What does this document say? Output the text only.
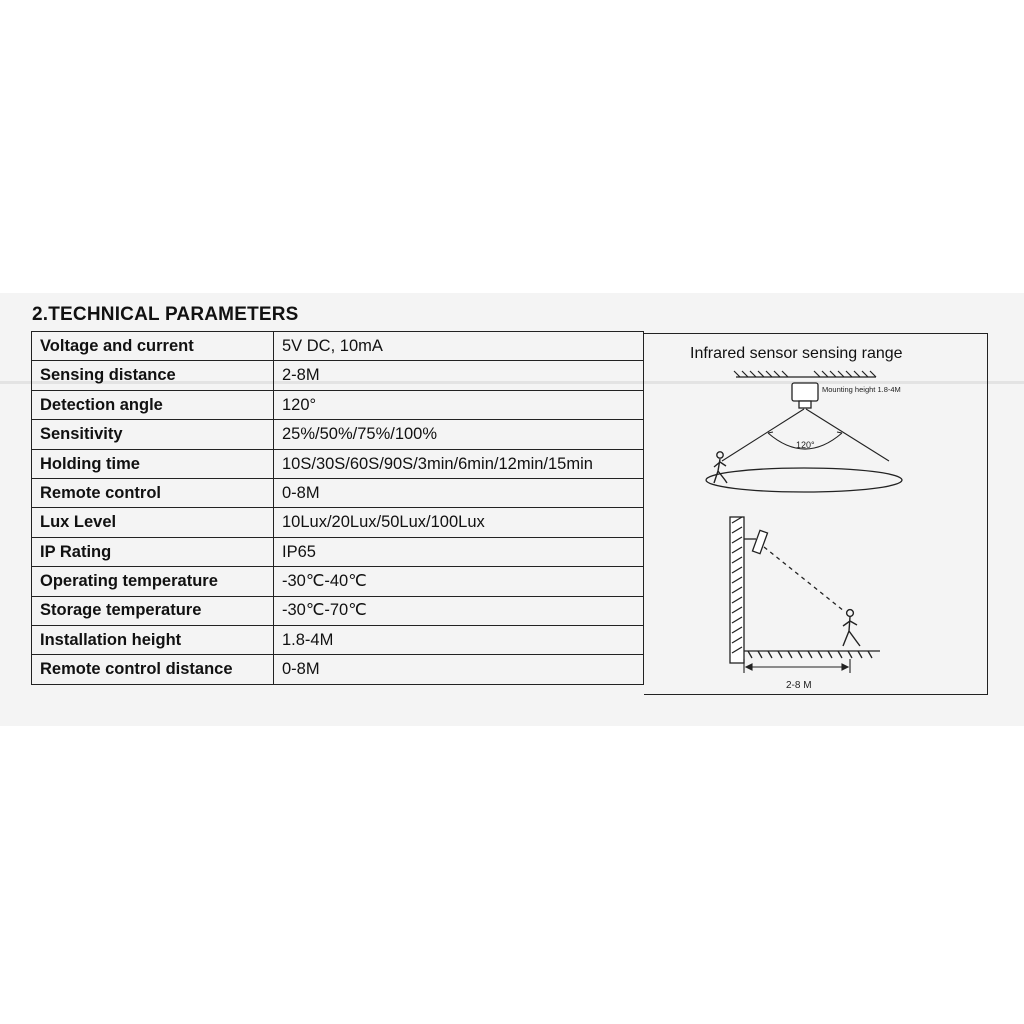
2.TECHNICAL PARAMETERS
Voltage and current	5V DC, 10mA
Sensing distance	2-8M
Detection angle	120°
Sensitivity	25%/50%/75%/100%
Holding time	10S/30S/60S/90S/3min/6min/12min/15min
Remote control	0-8M
Lux Level	10Lux/20Lux/50Lux/100Lux
IP Rating	IP65
Operating temperature	-30℃-40℃
Storage temperature	-30℃-70℃
Installation height	1.8-4M
Remote control distance	0-8M
Infrared sensor sensing range
Mounting height 1.8-4M
120°
2-8 M
